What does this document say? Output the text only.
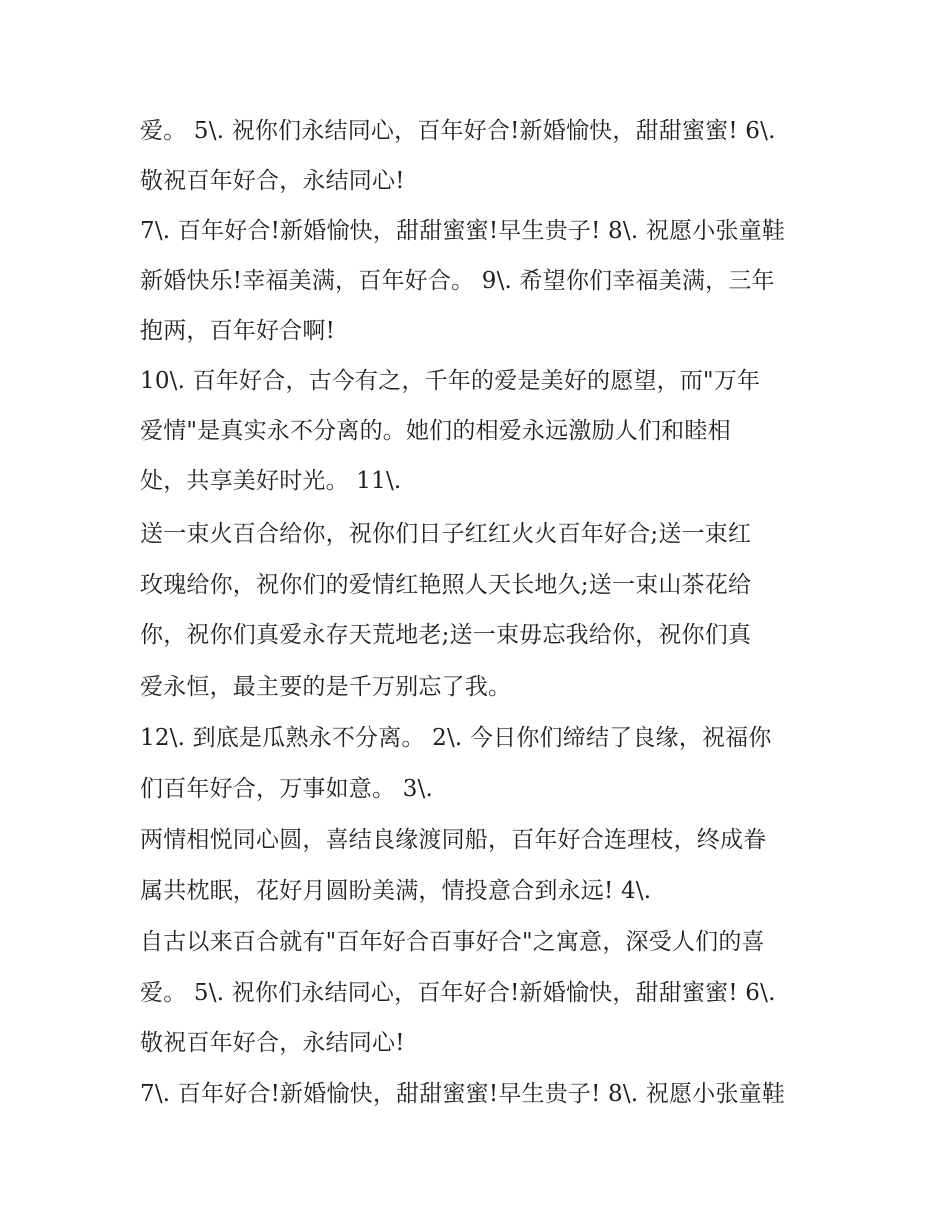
爱。 5\. 祝你们永结同心，百年好合!新婚愉快，甜甜蜜蜜! 6\.
敬祝百年好合，永结同心!
7\. 百年好合!新婚愉快，甜甜蜜蜜!早生贵子! 8\. 祝愿小张童鞋
新婚快乐!幸福美满，百年好合。 9\. 希望你们幸福美满，三年
抱两，百年好合啊!
10\. 百年好合，古今有之，千年的爱是美好的愿望，而"万年
爱情"是真实永不分离的。她们的相爱永远激励人们和睦相
处，共享美好时光。 11\.
送一束火百合给你，祝你们日子红红火火百年好合;送一束红
玫瑰给你，祝你们的爱情红艳照人天长地久;送一束山茶花给
你，祝你们真爱永存天荒地老;送一束毋忘我给你，祝你们真
爱永恒，最主要的是千万别忘了我。
12\. 到底是瓜熟永不分离。 2\. 今日你们缔结了良缘，祝福你
们百年好合，万事如意。 3\.
两情相悦同心圆，喜结良缘渡同船，百年好合连理枝，终成眷
属共枕眠，花好月圆盼美满，情投意合到永远! 4\.
自古以来百合就有"百年好合百事好合"之寓意，深受人们的喜
爱。 5\. 祝你们永结同心，百年好合!新婚愉快，甜甜蜜蜜! 6\.
敬祝百年好合，永结同心!
7\. 百年好合!新婚愉快，甜甜蜜蜜!早生贵子! 8\. 祝愿小张童鞋
